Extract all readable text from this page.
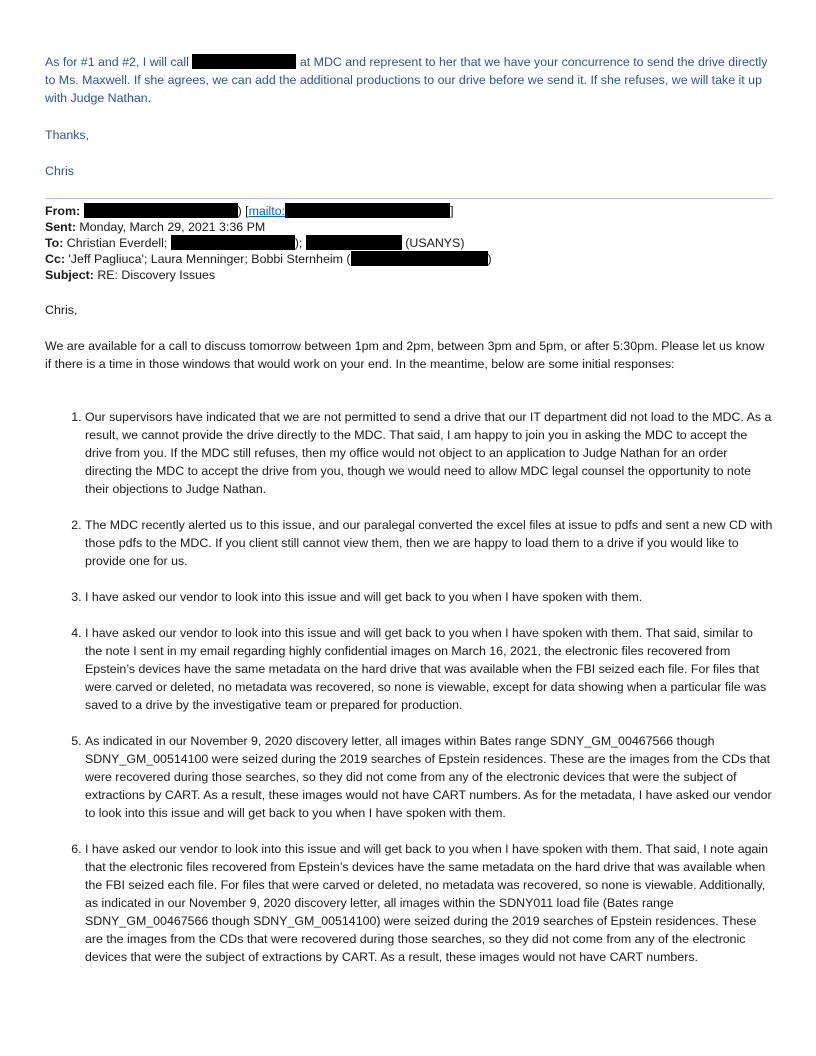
As for #1 and #2, I will call	at MDC and represent to her that we have your concurrence to send the drive directly to Ms. Maxwell. If she agrees, we can add the additional productions to our drive before we send it. If she refuses, we will take it up with Judge Nathan.

Thanks,

Chris

From:	) [mailto:	]
Sent: Monday, March 29, 2021 3:36 PM
To: Christian Everdell;	);	(USANYS)
Cc: 'Jeff Pagliuca'; Laura Menninger; Bobbi Sternheim (	)
Subject: RE: Discovery Issues

Chris,

We are available for a call to discuss tomorrow between 1pm and 2pm, between 3pm and 5pm, or after 5:30pm. Please let us know if there is a time in those windows that would work on your end. In the meantime, below are some initial responses:

1. Our supervisors have indicated that we are not permitted to send a drive that our IT department did not load to the MDC. As a result, we cannot provide the drive directly to the MDC. That said, I am happy to join you in asking the MDC to accept the drive from you. If the MDC still refuses, then my office would not object to an application to Judge Nathan for an order directing the MDC to accept the drive from you, though we would need to allow MDC legal counsel the opportunity to note their objections to Judge Nathan.
2. The MDC recently alerted us to this issue, and our paralegal converted the excel files at issue to pdfs and sent a new CD with those pdfs to the MDC. If you client still cannot view them, then we are happy to load them to a drive if you would like to provide one for us.
3. I have asked our vendor to look into this issue and will get back to you when I have spoken with them.
4. I have asked our vendor to look into this issue and will get back to you when I have spoken with them. That said, similar to the note I sent in my email regarding highly confidential images on March 16, 2021, the electronic files recovered from Epstein’s devices have the same metadata on the hard drive that was available when the FBI seized each file. For files that were carved or deleted, no metadata was recovered, so none is viewable, except for data showing when a particular file was saved to a drive by the investigative team or prepared for production.
5. As indicated in our November 9, 2020 discovery letter, all images within Bates range SDNY_GM_00467566 though SDNY_GM_00514100 were seized during the 2019 searches of Epstein residences. These are the images from the CDs that were recovered during those searches, so they did not come from any of the electronic devices that were the subject of extractions by CART. As a result, these images would not have CART numbers. As for the metadata, I have asked our vendor to look into this issue and will get back to you when I have spoken with them.
6. I have asked our vendor to look into this issue and will get back to you when I have spoken with them. That said, I note again that the electronic files recovered from Epstein’s devices have the same metadata on the hard drive that was available when the FBI seized each file. For files that were carved or deleted, no metadata was recovered, so none is viewable. Additionally, as indicated in our November 9, 2020 discovery letter, all images within the SDNY011 load file (Bates range SDNY_GM_00467566 though SDNY_GM_00514100) were seized during the 2019 searches of Epstein residences. These are the images from the CDs that were recovered during those searches, so they did not come from any of the electronic devices that were the subject of extractions by CART. As a result, these images would not have CART numbers.
